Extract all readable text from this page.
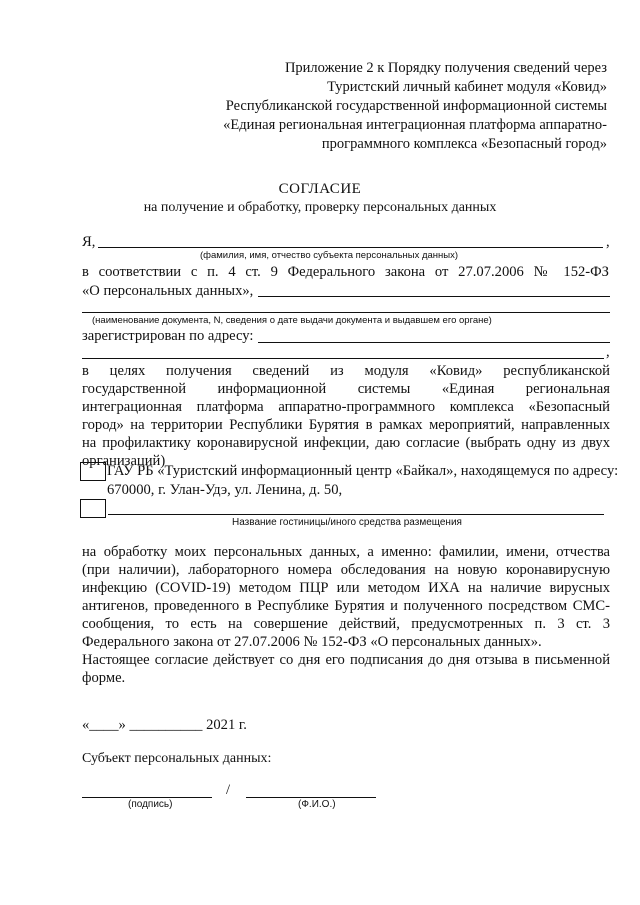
Приложение 2 к Порядку получения сведений через
Туристский личный кабинет модуля «Ковид»
Республиканской государственной информационной системы
«Единая региональная интеграционная платформа аппаратно-
программного комплекса «Безопасный город»
СОГЛАСИЕ
на получение и обработку, проверку персональных данных
Я,	,
(фамилия, имя, отчество субъекта персональных данных)
в соответствии с п. 4 ст. 9 Федерального закона от 27.07.2006 № 152-ФЗ
«О персональных данных»,
(наименование документа, N, сведения о дате выдачи документа и выдавшем его органе)
зарегистрирован по адресу:
,
в целях получения сведений из модуля «Ковид» республиканской
государственной информационной системы «Единая региональная
интеграционная платформа аппаратно-программного комплекса «Безопасный
город» на территории Республики Бурятия в рамках мероприятий, направленных
на профилактику коронавирусной инфекции, даю согласие (выбрать одну из двух
организаций)
ГАУ РБ «Туристский информационный центр «Байкал», находящемуся по адресу:
670000, г. Улан-Удэ, ул. Ленина, д. 50,
Название гостиницы/иного средства размещения
на обработку моих персональных данных, а именно: фамилии, имени, отчества
(при наличии), лабораторного номера обследования на новую коронавирусную
инфекцию (COVID-19) методом ПЦР или методом ИХА на наличие вирусных
антигенов, проведенного в Республике Бурятия и полученного посредством СМС-
сообщения, то есть на совершение действий, предусмотренных п. 3 ст. 3
Федерального закона от 27.07.2006 № 152-ФЗ «О персональных данных».
Настоящее согласие действует со дня его подписания до дня отзыва в письменной
форме.
«____» __________ 2021 г.
Субъект персональных данных:
/
(подпись)	(Ф.И.О.)
